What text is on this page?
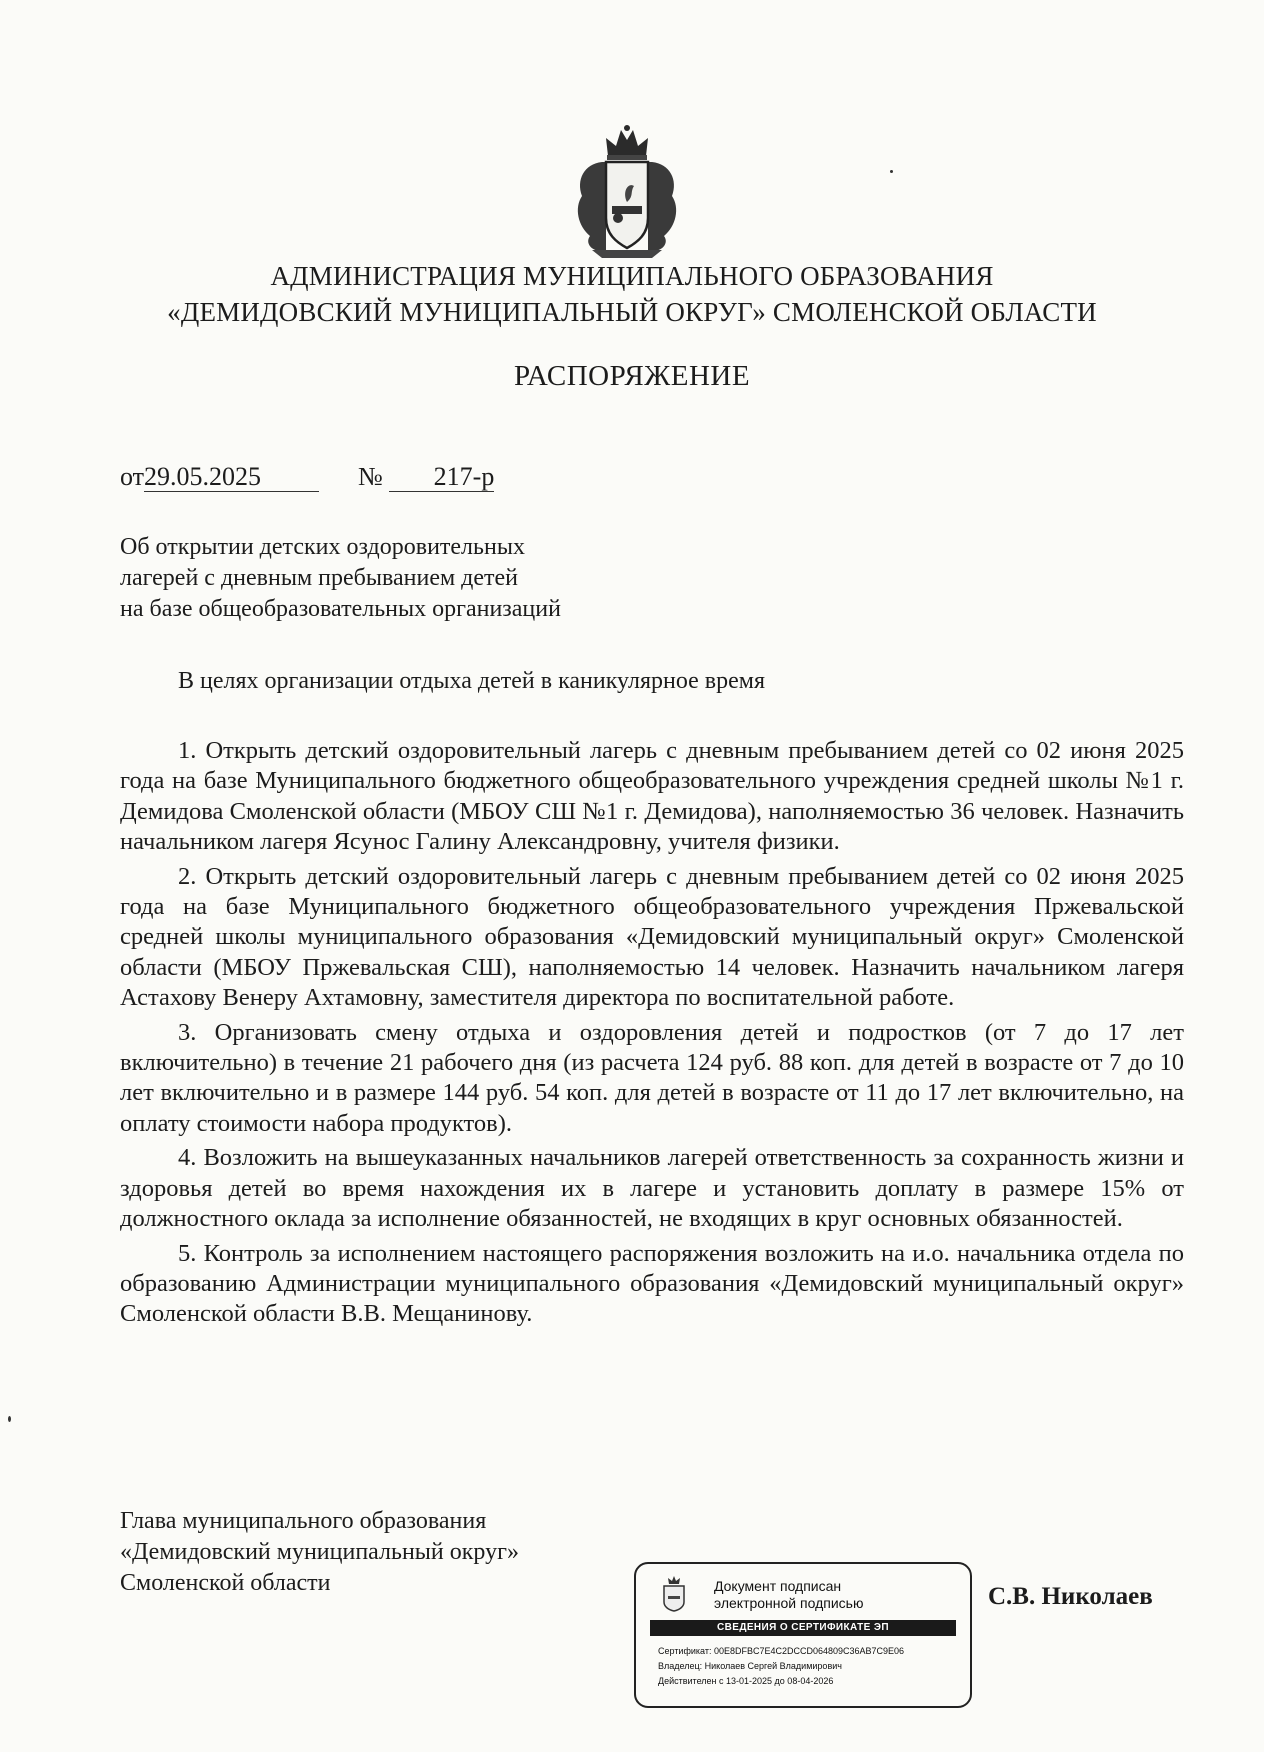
АДМИНИСТРАЦИЯ МУНИЦИПАЛЬНОГО ОБРАЗОВАНИЯ
«ДЕМИДОВСКИЙ МУНИЦИПАЛЬНЫЙ ОКРУГ» СМОЛЕНСКОЙ ОБЛАСТИ
РАСПОРЯЖЕНИЕ
от29.05.2025	№ 217-р
Об открытии детских оздоровительных
лагерей с дневным пребыванием детей
на базе общеобразовательных организаций
В целях организации отдыха детей в каникулярное время

1. Открыть детский оздоровительный лагерь с дневным пребыванием детей со 02 июня 2025 года на базе Муниципального бюджетного общеобразовательного учреждения средней школы №1 г. Демидова Смоленской области (МБОУ СШ №1 г. Демидова), наполняемостью 36 человек. Назначить начальником лагеря Ясунос Галину Александровну, учителя физики.

2. Открыть детский оздоровительный лагерь с дневным пребыванием детей со 02 июня 2025 года на базе Муниципального бюджетного общеобразовательного учреждения Пржевальской средней школы муниципального образования «Демидовский муниципальный округ» Смоленской области (МБОУ Пржевальская СШ), наполняемостью 14 человек. Назначить начальником лагеря Астахову Венеру Ахтамовну, заместителя директора по воспитательной работе.

3. Организовать смену отдыха и оздоровления детей и подростков (от 7 до 17 лет включительно) в течение 21 рабочего дня (из расчета 124 руб. 88 коп. для детей в возрасте от 7 до 10 лет включительно и в размере 144 руб. 54 коп. для детей в возрасте от 11 до 17 лет включительно, на оплату стоимости набора продуктов).

4. Возложить на вышеуказанных начальников лагерей ответственность за сохранность жизни и здоровья детей во время нахождения их в лагере и установить доплату в размере 15% от должностного оклада за исполнение обязанностей, не входящих в круг основных обязанностей.

5. Контроль за исполнением настоящего распоряжения возложить на и.о. начальника отдела по образованию Администрации муниципального образования «Демидовский муниципальный округ» Смоленской области В.В. Мещанинову.

Глава муниципального образования
«Демидовский муниципальный округ»
Смоленской области	Документ подписан
электронной подписью
СВЕДЕНИЯ О СЕРТИФИКАТЕ ЭП
Сертификат: 00E8DFBC7E4C2DCCD064809C36AB7C9E06
Владелец: Николаев Сергей Владимирович
Действителен с 13-01-2025 до 08-04-2026
С.В. Николаев
